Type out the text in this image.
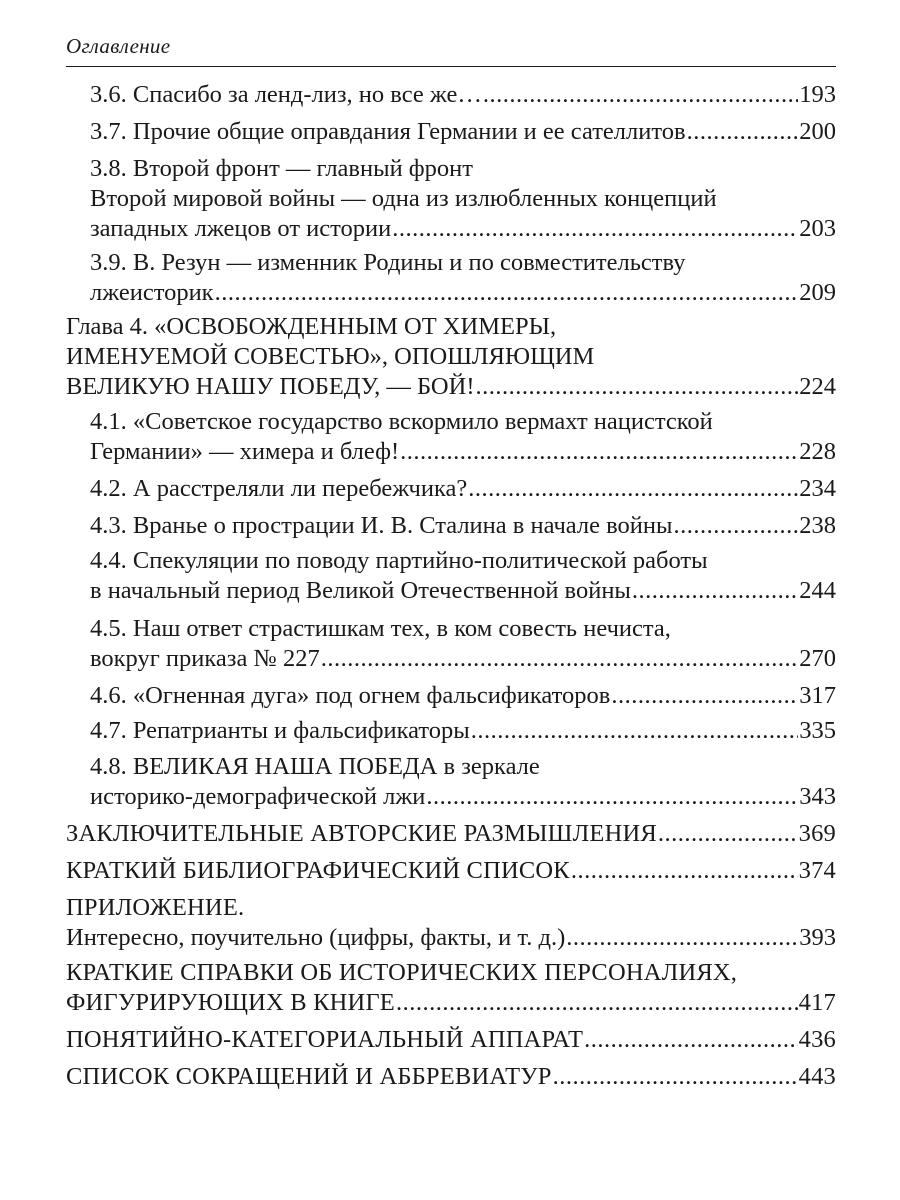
Оглавление
3.6. Спасибо за ленд-лиз, но все же… .....	193
3.7. Прочие общие оправдания Германии и ее сателлитов .....	200
3.8. Второй фронт — главный фронт
Второй мировой войны — одна из излюбленных концепций
западных лжецов от истории .....	203
3.9. В. Резун — изменник Родины и по совместительству
лжеисторик .....	209
Глава 4. «ОСВОБОЖДЕННЫМ ОТ ХИМЕРЫ,
ИМЕНУЕМОЙ СОВЕСТЬЮ», ОПОШЛЯЮЩИМ
ВЕЛИКУЮ НАШУ ПОБЕДУ, — БОЙ! .....	224
4.1. «Советское государство вскормило вермахт нацистской
Германии» — химера и блеф! .....	228
4.2. А расстреляли ли перебежчика? .....	234
4.3. Вранье о прострации И. В. Сталина в начале войны .....	238
4.4. Спекуляции по поводу партийно-политической работы
в начальный период Великой Отечественной войны .....	244
4.5. Наш ответ страстишкам тех, в ком совесть нечиста,
вокруг приказа № 227 .....	270
4.6. «Огненная дуга» под огнем фальсификаторов .....	317
4.7. Репатрианты и фальсификаторы .....	335
4.8. ВЕЛИКАЯ НАША ПОБЕДА в зеркале
историко-демографической лжи .....	343
ЗАКЛЮЧИТЕЛЬНЫЕ АВТОРСКИЕ РАЗМЫШЛЕНИЯ .....	369
КРАТКИЙ БИБЛИОГРАФИЧЕСКИЙ СПИСОК .....	374
ПРИЛОЖЕНИЕ.
Интересно, поучительно (цифры, факты, и т. д.) .....	393
КРАТКИЕ СПРАВКИ ОБ ИСТОРИЧЕСКИХ ПЕРСОНАЛИЯХ,
ФИГУРИРУЮЩИХ В КНИГЕ .....	417
ПОНЯТИЙНО-КАТЕГОРИАЛЬНЫЙ АППАРАТ .....	436
СПИСОК СОКРАЩЕНИЙ И АББРЕВИАТУР .....	443
